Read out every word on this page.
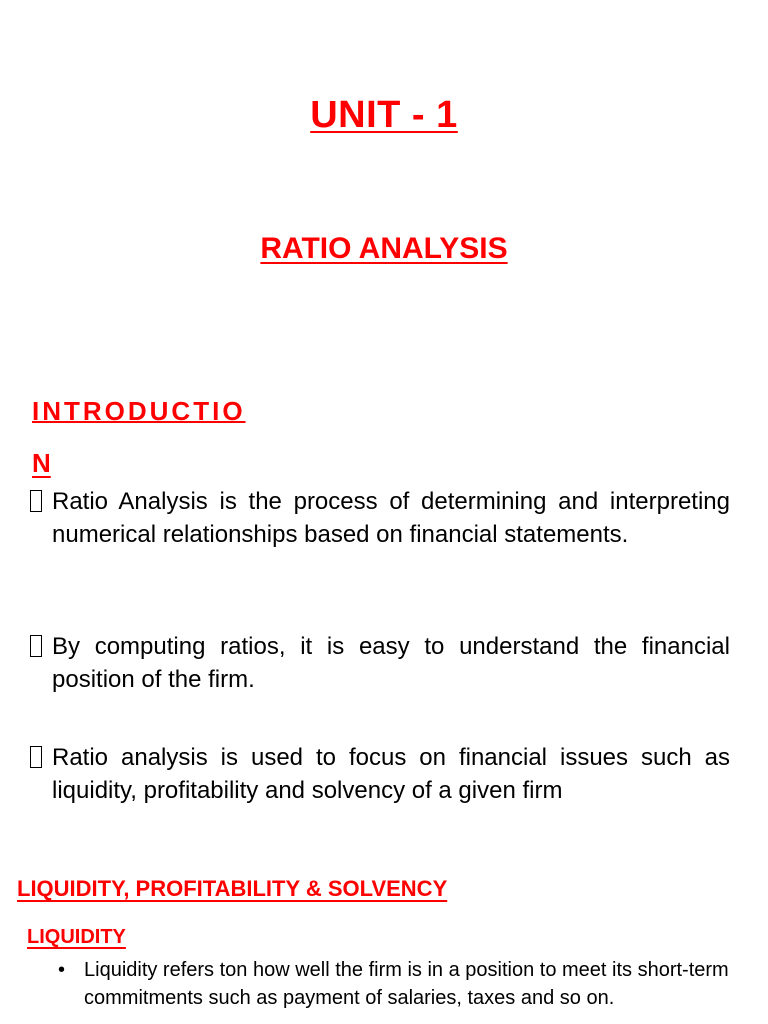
UNIT - 1
RATIO ANALYSIS
INTRODUCTIO
N
Ratio Analysis is the process of determining and interpreting numerical relationships based on financial statements.
By computing ratios, it is easy to understand the financial position of the firm.
Ratio analysis is used to focus on financial issues such as liquidity, profitability and solvency of a given firm
LIQUIDITY, PROFITABILITY & SOLVENCY
LIQUIDITY
• Liquidity refers ton how well the firm is in a position to meet its short-term commitments such as payment of salaries, taxes and so on.
